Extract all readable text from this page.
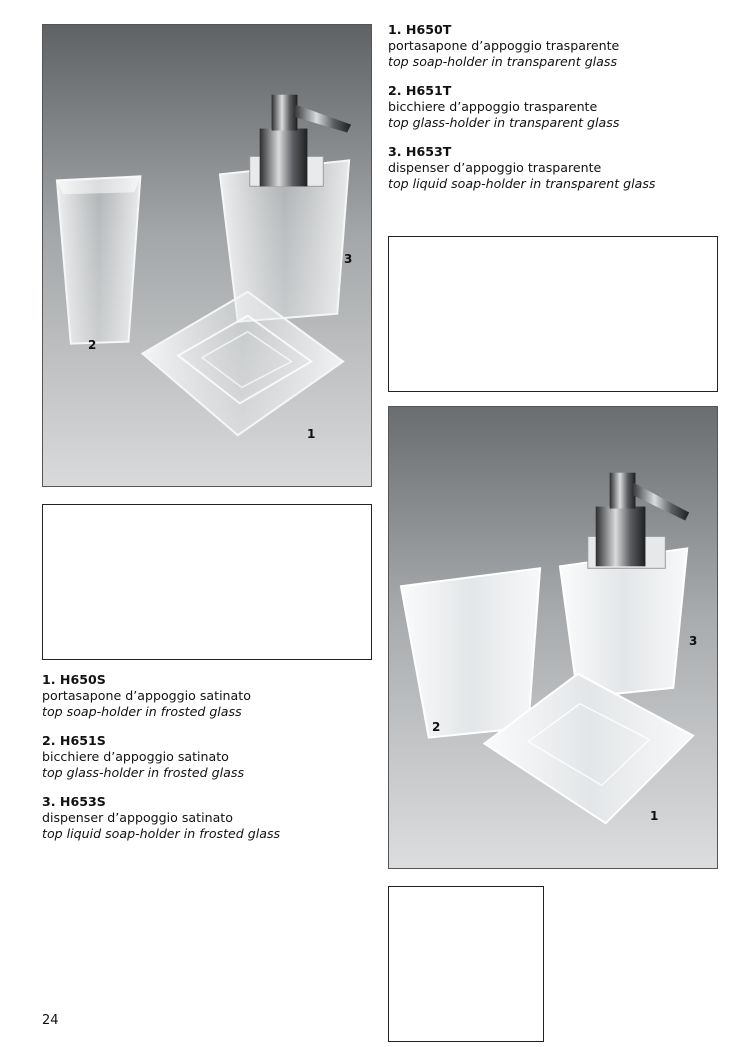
1
2
3
1. H650T
portasapone d’appoggio trasparente
top soap-holder in transparent glass
2. H651T
bicchiere d’appoggio trasparente
top glass-holder in transparent glass
3. H653T
dispenser d’appoggio trasparente
top liquid soap-holder in transparent glass
1
2
3
1. H650S
portasapone d’appoggio satinato
top soap-holder in frosted glass
2. H651S
bicchiere d’appoggio satinato
top glass-holder in frosted glass
3. H653S
dispenser d’appoggio satinato
top liquid soap-holder in frosted glass
24
